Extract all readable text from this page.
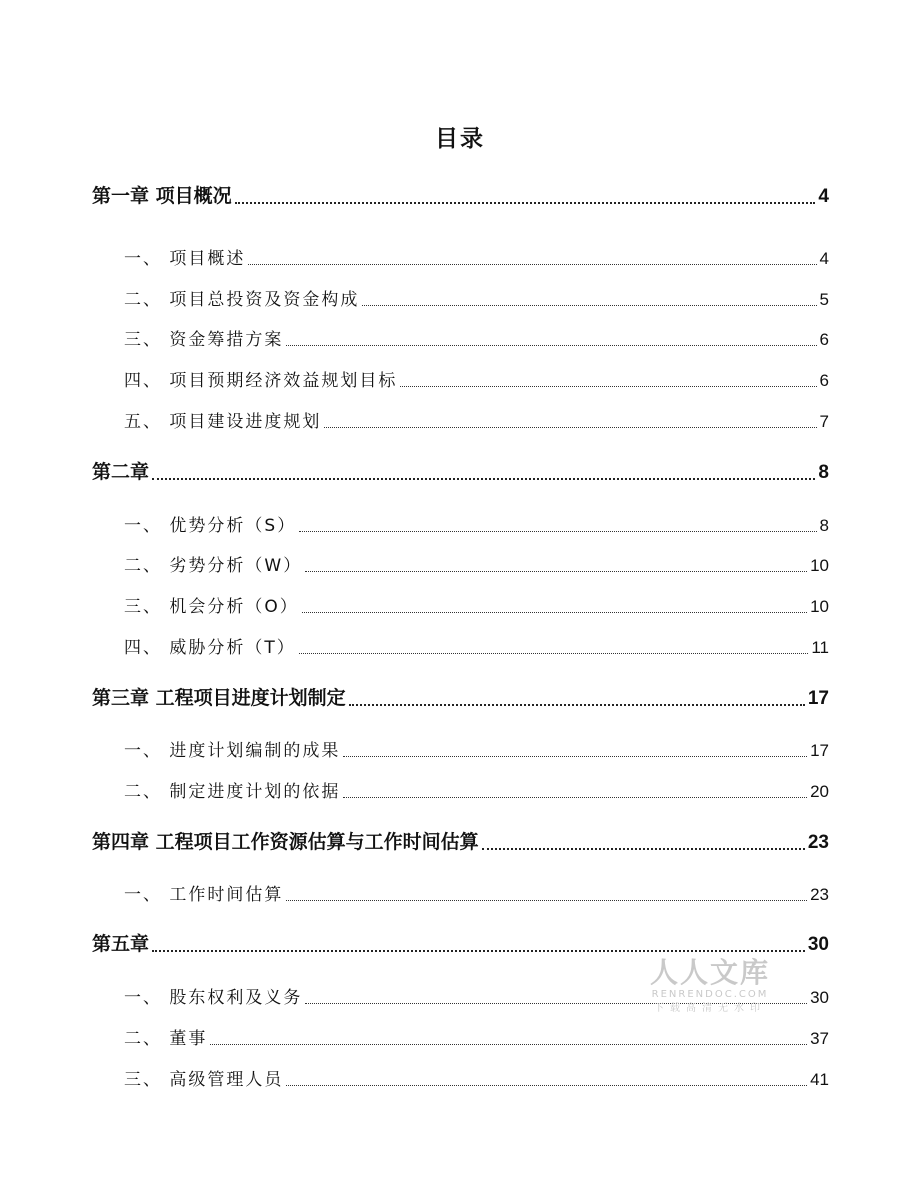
目录
第一章 项目概况	4
一、 项目概述	4
二、 项目总投资及资金构成	5
三、 资金筹措方案	6
四、 项目预期经济效益规划目标	6
五、 项目建设进度规划	7
第二章	8
一、 优势分析（S）	8
二、 劣势分析（W）	10
三、 机会分析（O）	10
四、 威胁分析（T）	11
第三章 工程项目进度计划制定	17
一、 进度计划编制的成果	17
二、 制定进度计划的依据	20
第四章 工程项目工作资源估算与工作时间估算	23
一、 工作时间估算	23
第五章	30
一、 股东权利及义务	30
二、 董事	37
三、 高级管理人员	41
人人文库
RENRENDOC.COM
下载高清无水印
